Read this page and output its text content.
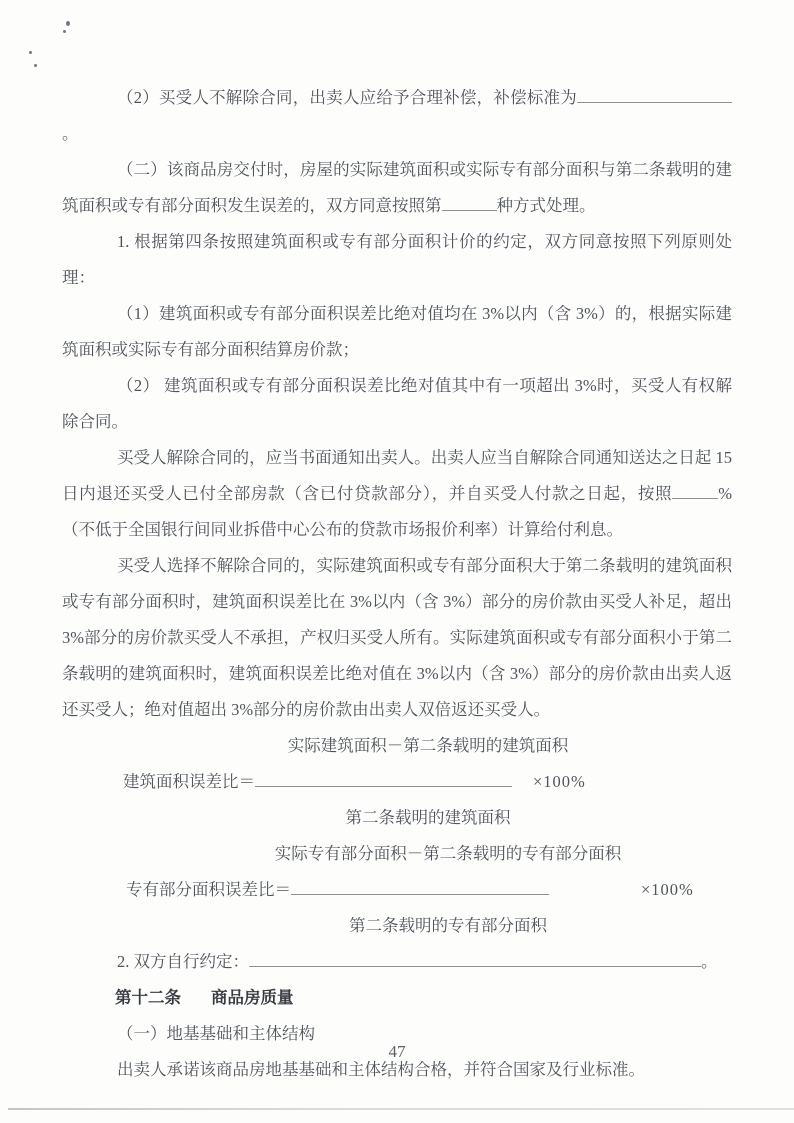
（2）买受人不解除合同，出卖人应给予合理补偿，补偿标准为。

（二）该商品房交付时，房屋的实际建筑面积或实际专有部分面积与第二条载明的建筑面积或专有部分面积发生误差的，双方同意按照第	种方式处理。

1. 根据第四条按照建筑面积或专有部分面积计价的约定，双方同意按照下列原则处理：

（1）建筑面积或专有部分面积误差比绝对值均在 3%以内（含 3%）的，根据实际建筑面积或实际专有部分面积结算房价款；

（2） 建筑面积或专有部分面积误差比绝对值其中有一项超出 3%时，买受人有权解除合同。

买受人解除合同的，应当书面通知出卖人。出卖人应当自解除合同通知送达之日起 15 日内退还买受人已付全部房款（含已付贷款部分），并自买受人付款之日起，按照	%（不低于全国银行间同业拆借中心公布的贷款市场报价利率）计算给付利息。

买受人选择不解除合同的，实际建筑面积或专有部分面积大于第二条载明的建筑面积或专有部分面积时，建筑面积误差比在 3%以内（含 3%）部分的房价款由买受人补足，超出 3%部分的房价款买受人不承担，产权归买受人所有。实际建筑面积或专有部分面积小于第二条载明的建筑面积时，建筑面积误差比绝对值在 3%以内（含 3%）部分的房价款由出卖人返还买受人；绝对值超出 3%部分的房价款由出卖人双倍返还买受人。

实际建筑面积－第二条载明的建筑面积
建筑面积误差比＝	×100%
第二条载明的建筑面积
实际专有部分面积－第二条载明的专有部分面积
专有部分面积误差比＝	×100%
第二条载明的专有部分面积

2. 双方自行约定：	。

第十二条 商品房质量

（一）地基基础和主体结构

出卖人承诺该商品房地基基础和主体结构合格，并符合国家及行业标准。

47
